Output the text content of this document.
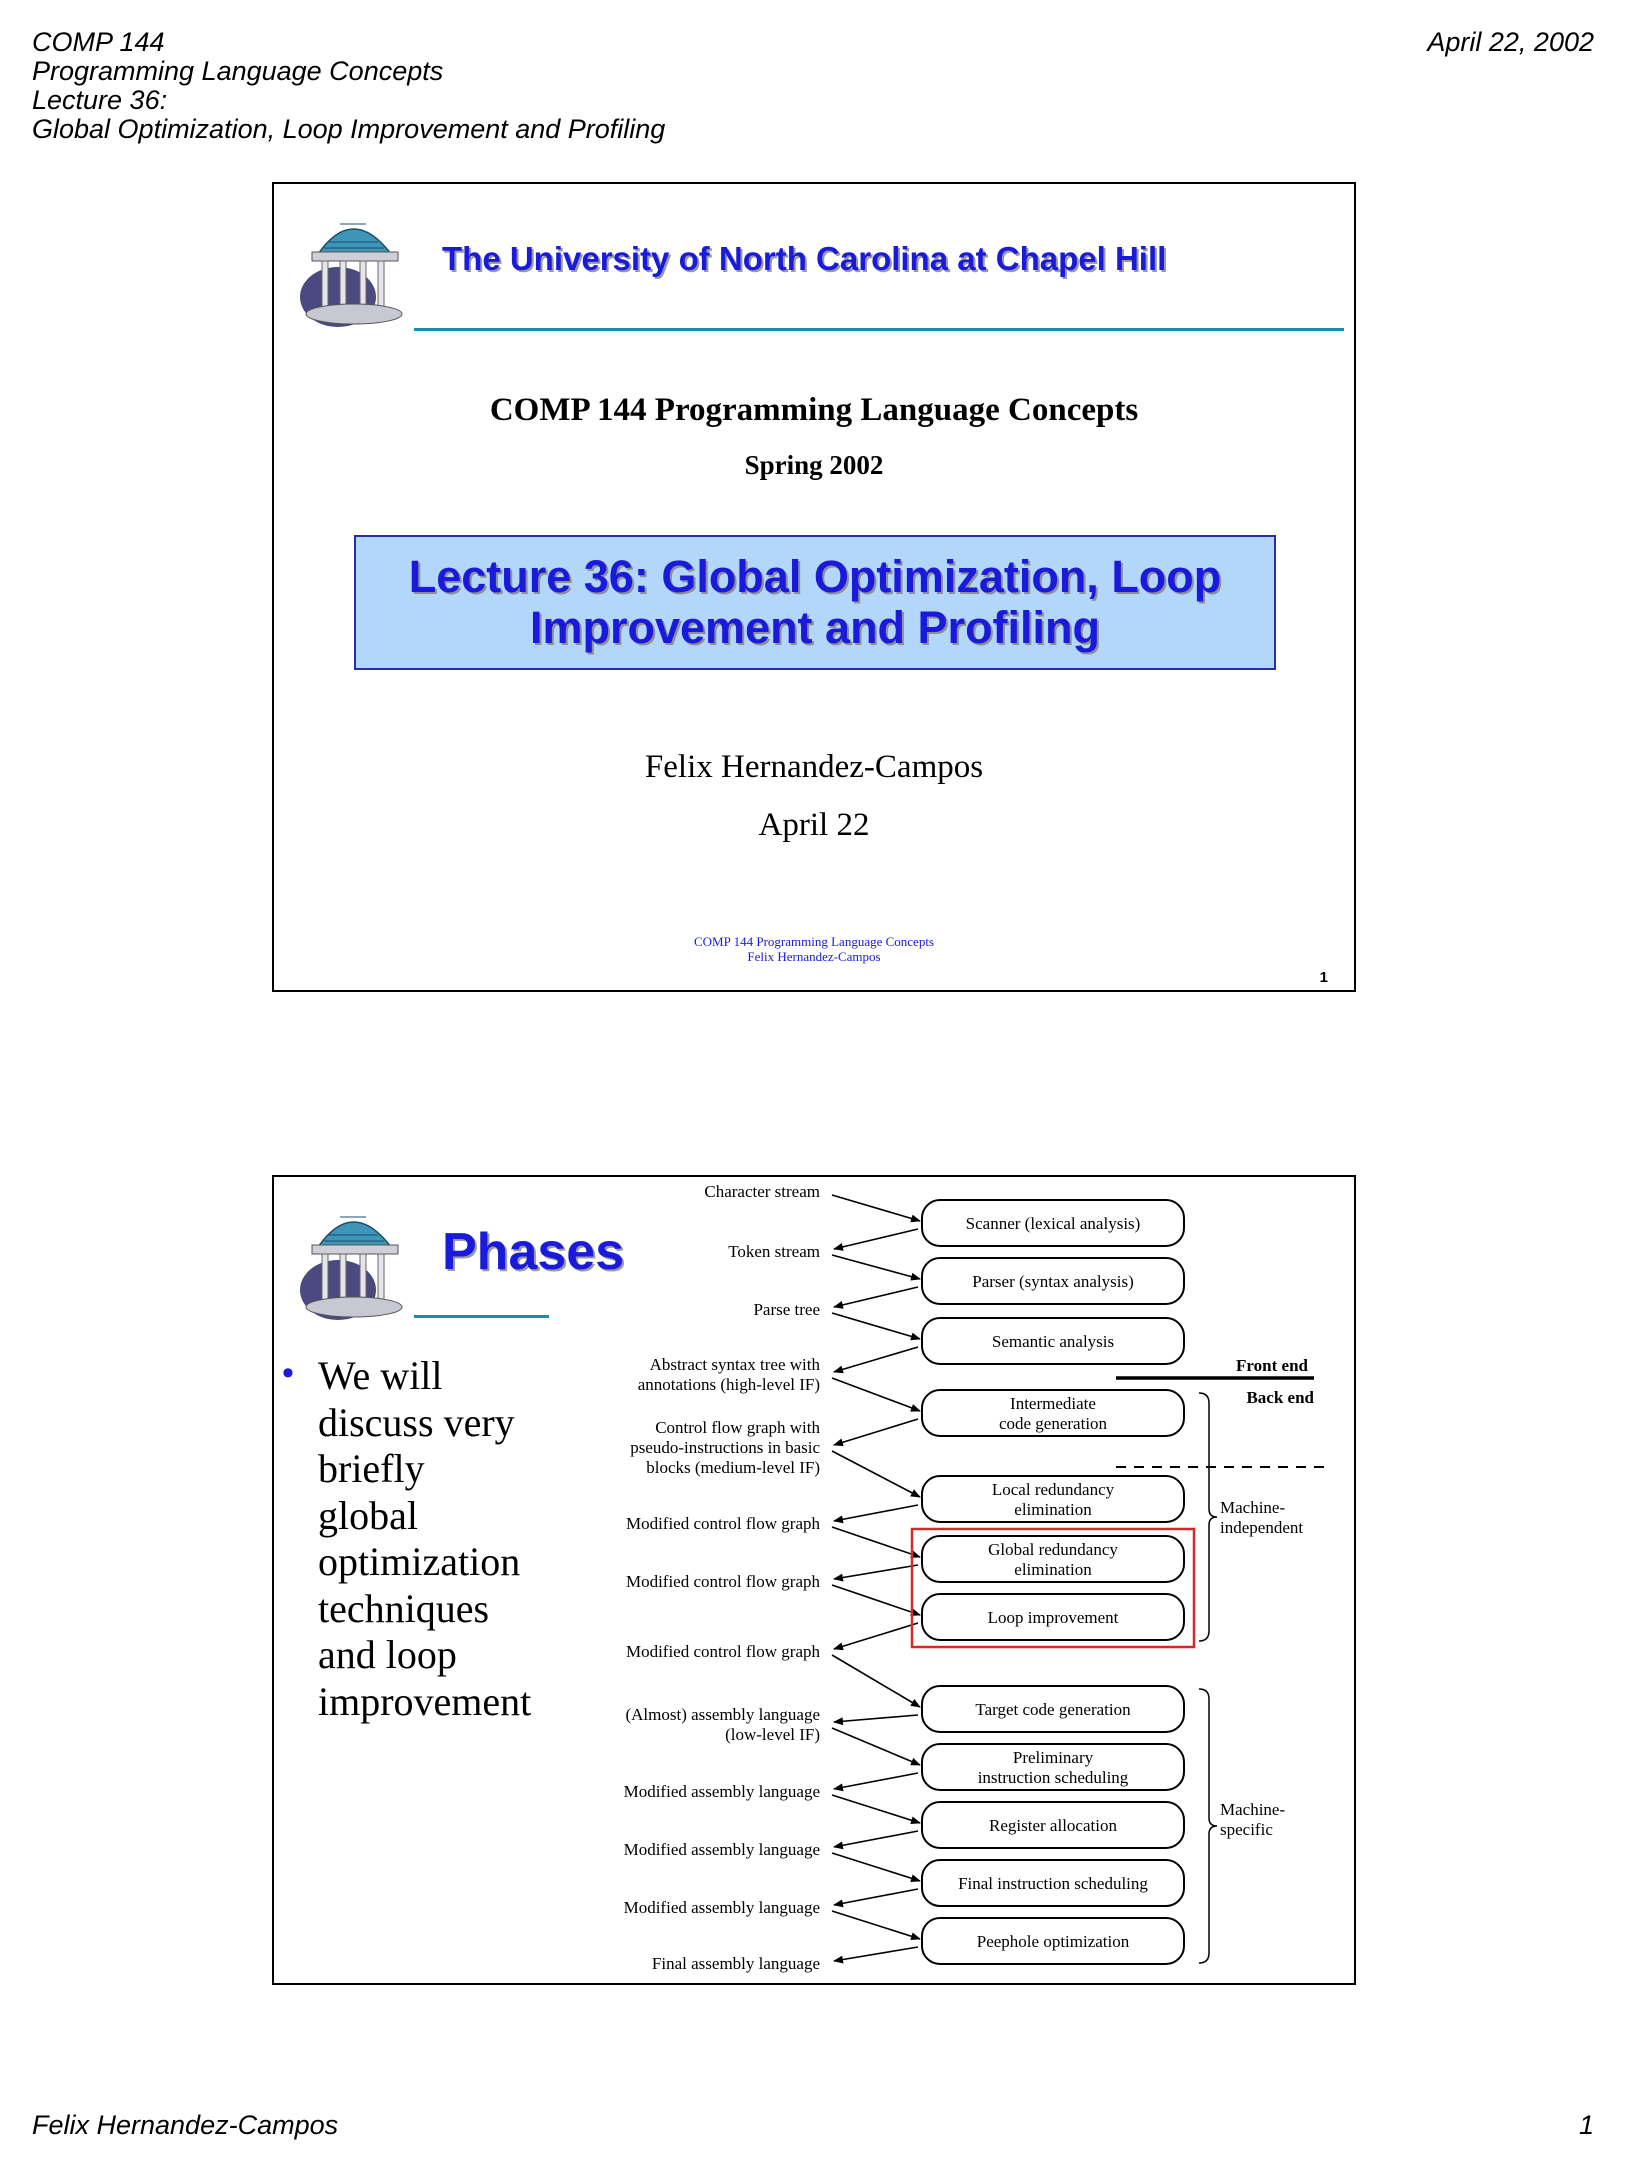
COMP 144
Programming Language Concepts
Lecture 36:
Global Optimization, Loop Improvement and Profiling
April 22, 2002
The University of North Carolina at Chapel Hill
COMP 144 Programming Language Concepts
Spring 2002
Lecture 36: Global Optimization, Loop
Improvement and Profiling
Felix Hernandez-Campos
April 22
COMP 144 Programming Language Concepts
Felix Hernandez-Campos
1
Phases
• We will
discuss very
briefly
global
optimization
techniques
and loop
improvement
Character stream
Token stream
Parse tree
Abstract syntax tree with annotations (high-level IF)
Control flow graph with pseudo-instructions in basic blocks (medium-level IF)
Modified control flow graph
Modified control flow graph
Modified control flow graph
(Almost) assembly language (low-level IF)
Modified assembly language
Modified assembly language
Modified assembly language
Final assembly language
Scanner (lexical analysis)
Parser (syntax analysis)
Semantic analysis
Intermediate code generation
Local redundancy elimination
Global redundancy elimination
Loop improvement
Target code generation
Preliminary instruction scheduling
Register allocation
Final instruction scheduling
Peephole optimization
Front end
Back end
Machine-independent
Machine-specific
Felix Hernandez-Campos	1
